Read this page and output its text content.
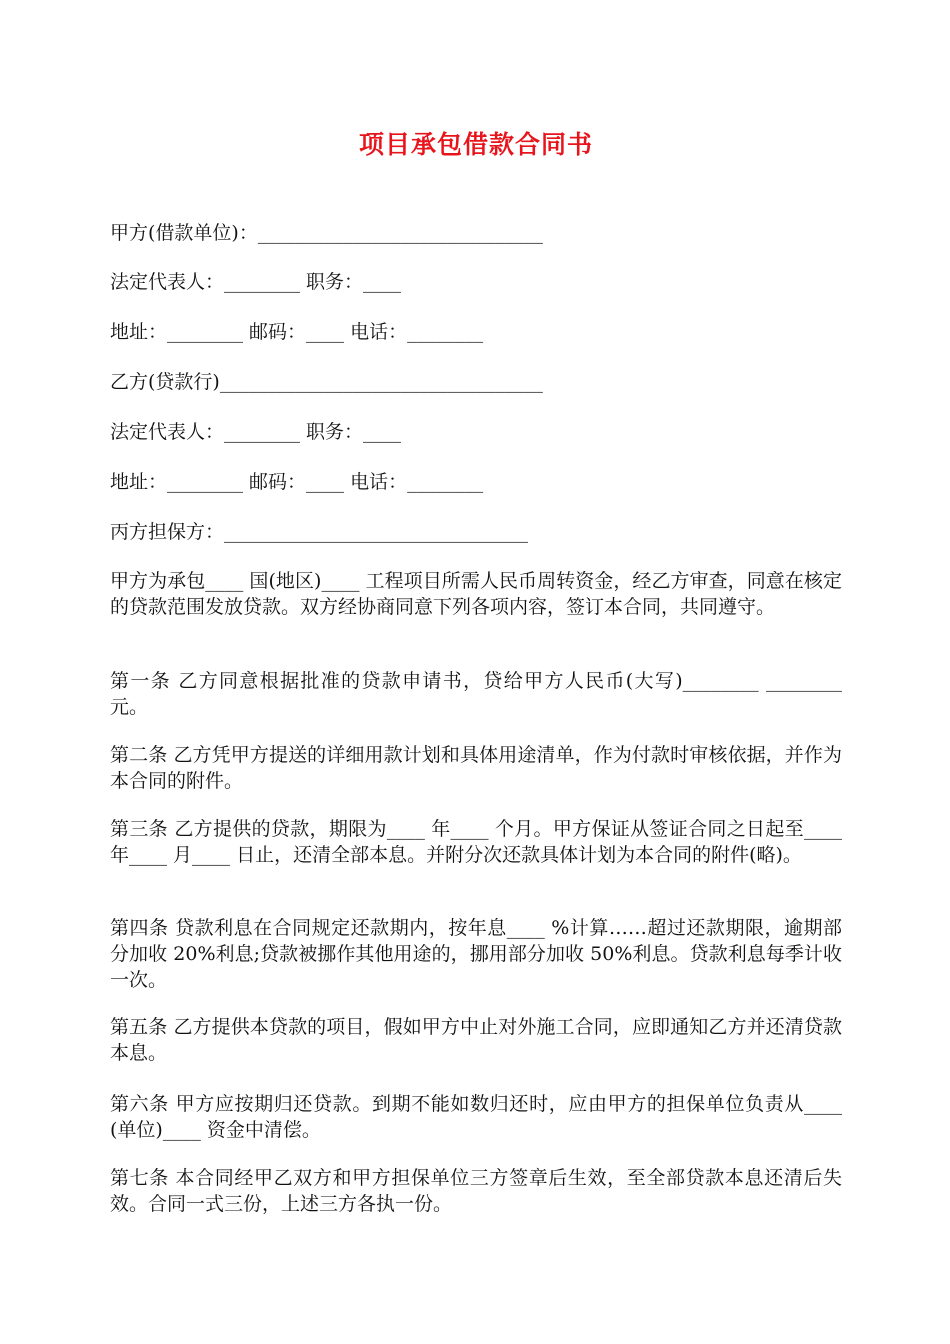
项目承包借款合同书
甲方(借款单位)：______________________________
法定代表人：________ 职务：____
地址：________ 邮码：____ 电话：________
乙方(贷款行)__________________________________
法定代表人：________ 职务：____
地址：________ 邮码：____ 电话：________
丙方担保方：________________________________
甲方为承包____ 国(地区)____ 工程项目所需人民币周转资金，经乙方审查，同意在核定的贷款范围发放贷款。双方经协商同意下列各项内容，签订本合同，共同遵守。
第一条 乙方同意根据批准的贷款申请书，贷给甲方人民币(大写)________ ________ 元。
第二条 乙方凭甲方提送的详细用款计划和具体用途清单，作为付款时审核依据，并作为本合同的附件。
第三条 乙方提供的贷款，期限为____ 年____ 个月。甲方保证从签证合同之日起至____ 年____ 月____ 日止，还清全部本息。并附分次还款具体计划为本合同的附件(略)。
第四条 贷款利息在合同规定还款期内，按年息____ %计算……超过还款期限，逾期部分加收 20%利息;贷款被挪作其他用途的，挪用部分加收 50%利息。贷款利息每季计收一次。
第五条 乙方提供本贷款的项目，假如甲方中止对外施工合同，应即通知乙方并还清贷款本息。
第六条 甲方应按期归还贷款。到期不能如数归还时，应由甲方的担保单位负责从____ (单位)____ 资金中清偿。
第七条 本合同经甲乙双方和甲方担保单位三方签章后生效，至全部贷款本息还清后失效。合同一式三份，上述三方各执一份。
